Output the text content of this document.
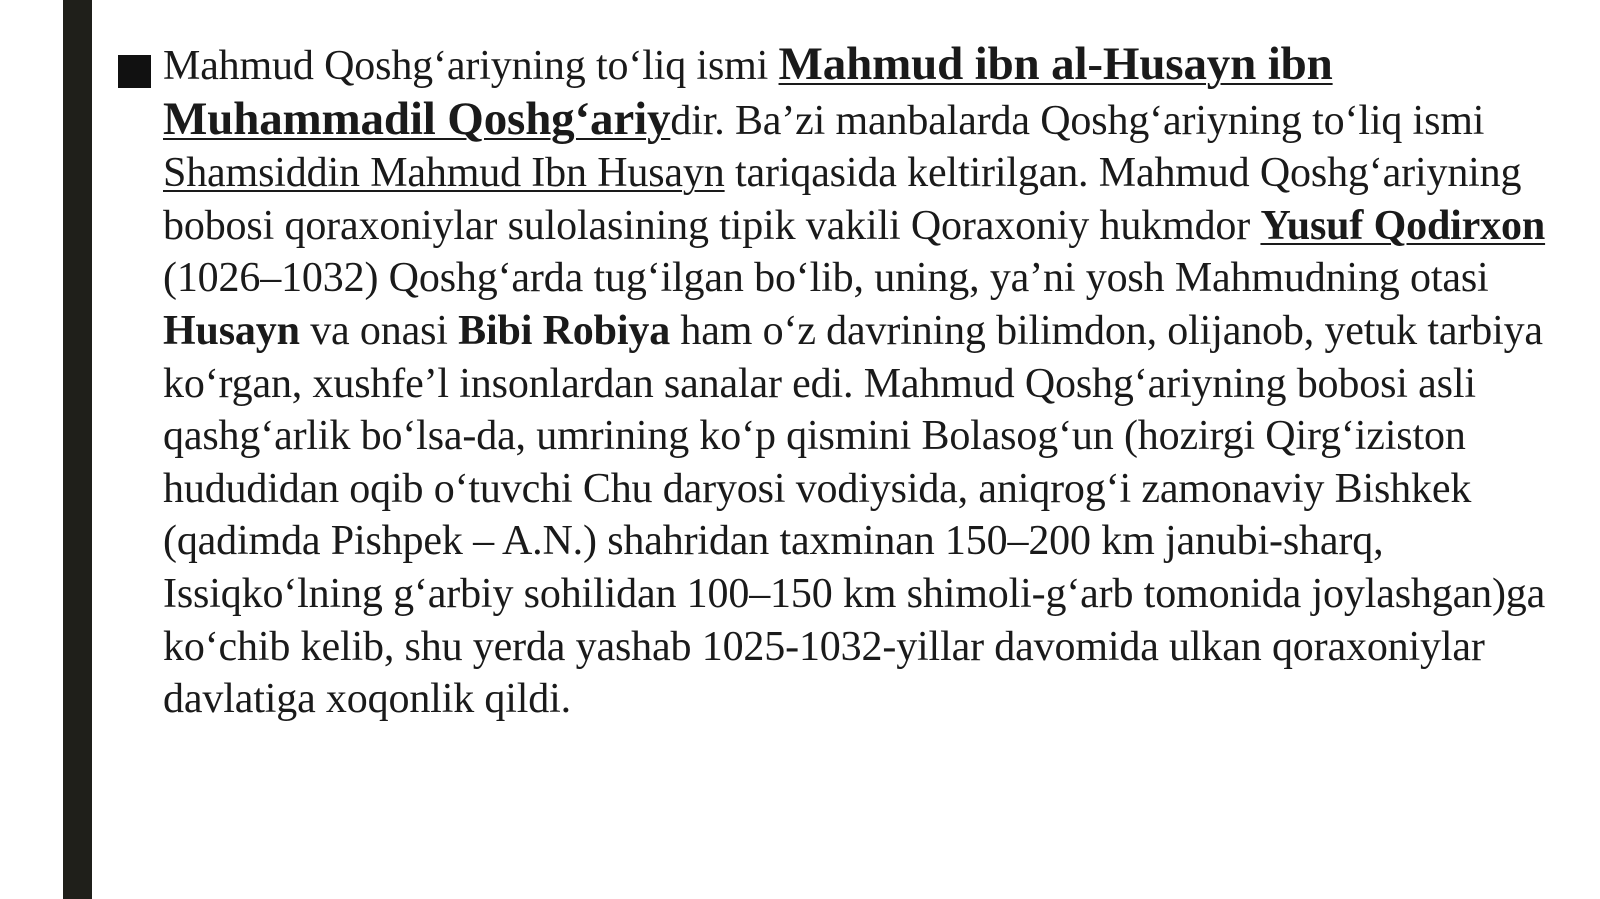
Mahmud Qoshg‘ariyning to‘liq ismi Mahmud ibn al-Husayn ibn Muhammadil Qoshg‘ariydir. Ba’zi manbalarda Qoshg‘ariyning to‘liq ismi Shamsiddin Mahmud Ibn Husayn tariqasida keltirilgan. Mahmud Qoshg‘ariyning bobosi qoraxoniylar sulolasining tipik vakili Qoraxoniy hukmdor Yusuf Qodirxon (1026–1032) Qoshg‘arda tug‘ilgan bo‘lib, uning, ya’ni yosh Mahmudning otasi Husayn va onasi Bibi Robiya ham o‘z davrining bilimdon, olijanob, yetuk tarbiya ko‘rgan, xushfe’l insonlardan sanalar edi. Mahmud Qoshg‘ariyning bobosi asli qashg‘arlik bo‘lsa-da, umrining ko‘p qismini Bolasog‘un (hozirgi Qirg‘iziston hududidan oqib o‘tuvchi Chu daryosi vodiysida, aniqrog‘i zamonaviy Bishkek (qadimda Pishpek – A.N.) shahridan taxminan 150–200 km janubi-sharq, Issiqko‘lning g‘arbiy sohilidan 100–150 km shimoli-g‘arb tomonida joylashgan)ga ko‘chib kelib, shu yerda yashab 1025-1032-yillar davomida ulkan qoraxoniylar davlatiga xoqonlik qildi.
